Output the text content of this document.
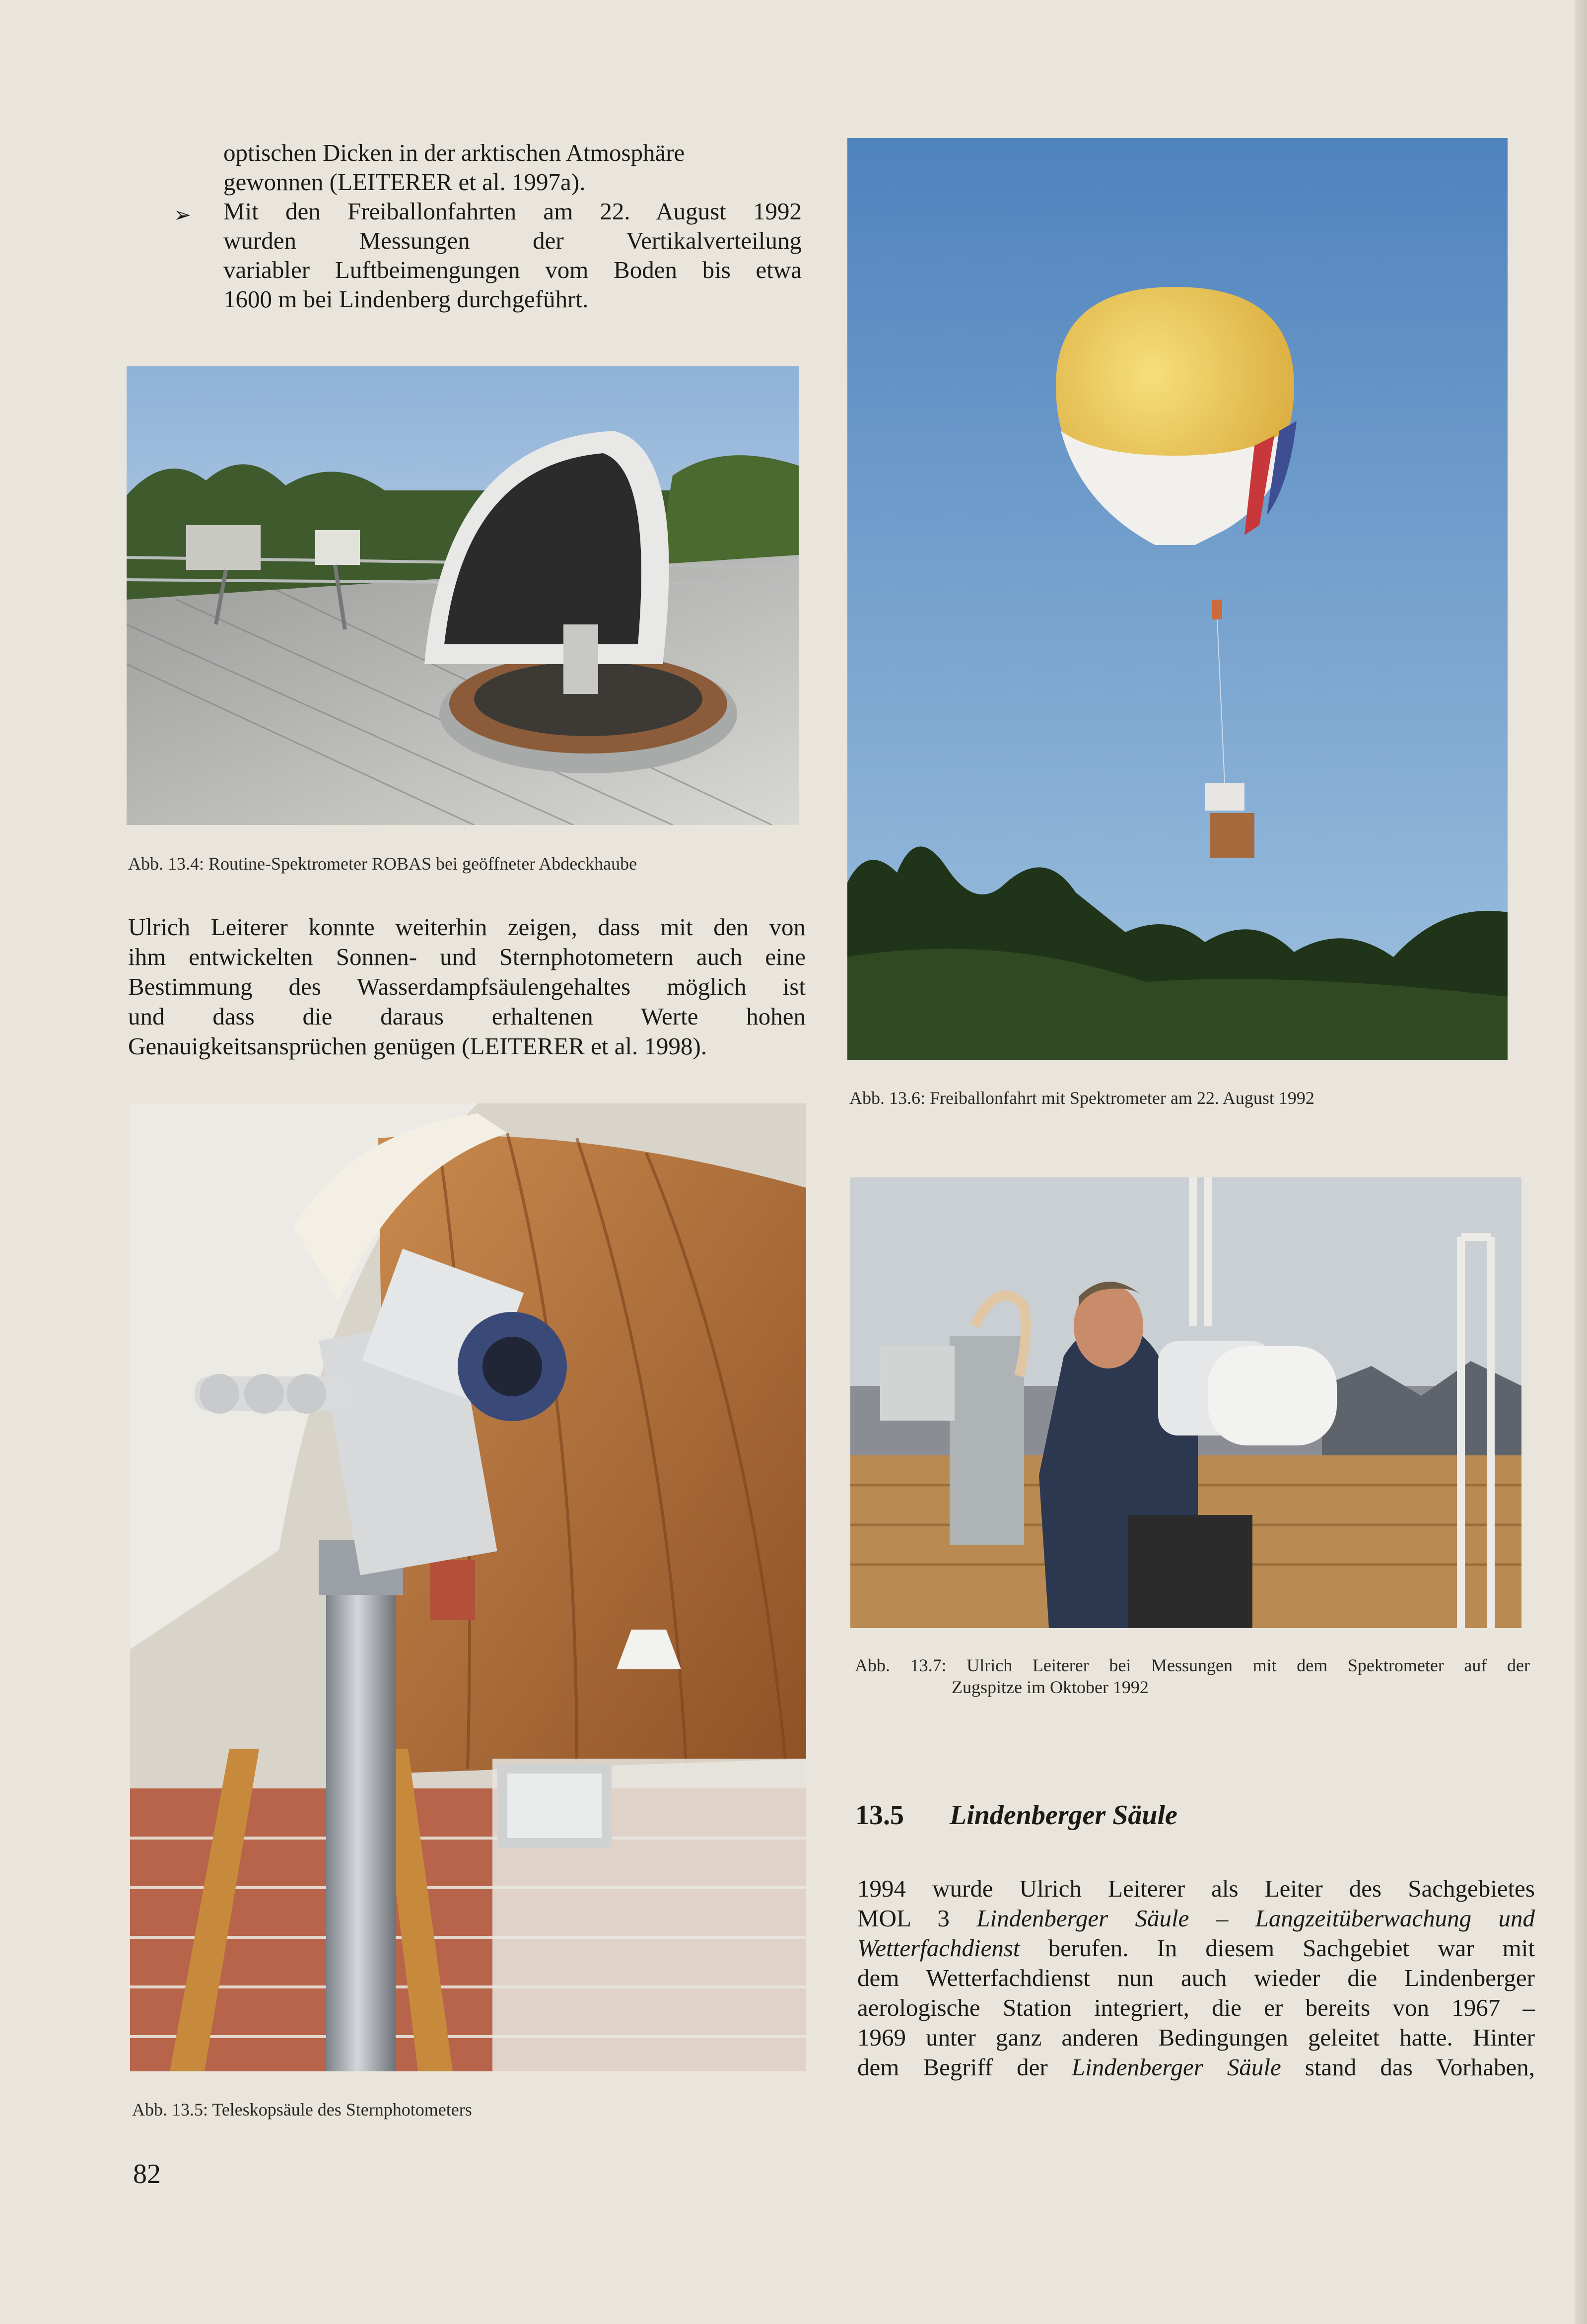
optischen Dicken in der arktischen Atmosphäre
gewonnen (LEITERER et al. 1997a).
➢ Mit den Freiballonfahrten am 22. August 1992
wurden Messungen der Vertikalverteilung
variabler Luftbeimengungen vom Boden bis etwa
1600 m bei Lindenberg durchgeführt.
Abb. 13.4: Routine-Spektrometer ROBAS bei geöffneter Abdeckhaube
Ulrich Leiterer konnte weiterhin zeigen, dass mit den von
ihm entwickelten Sonnen- und Sternphotometern auch eine
Bestimmung des Wasserdampfsäulengehaltes möglich ist
und dass die daraus erhaltenen Werte hohen
Genauigkeitsansprüchen genügen (LEITERER et al. 1998).
Abb. 13.5: Teleskopsäule des Sternphotometers
Abb. 13.6: Freiballonfahrt mit Spektrometer am 22. August 1992
Abb. 13.7: Ulrich Leiterer bei Messungen mit dem Spektrometer auf der
Zugspitze im Oktober 1992
13.5 Lindenberger Säule
1994 wurde Ulrich Leiterer als Leiter des Sachgebietes
MOL 3 Lindenberger Säule – Langzeitüberwachung und
Wetterfachdienst berufen. In diesem Sachgebiet war mit
dem Wetterfachdienst nun auch wieder die Lindenberger
aerologische Station integriert, die er bereits von 1967 –
1969 unter ganz anderen Bedingungen geleitet hatte. Hinter
dem Begriff der Lindenberger Säule stand das Vorhaben,
82
